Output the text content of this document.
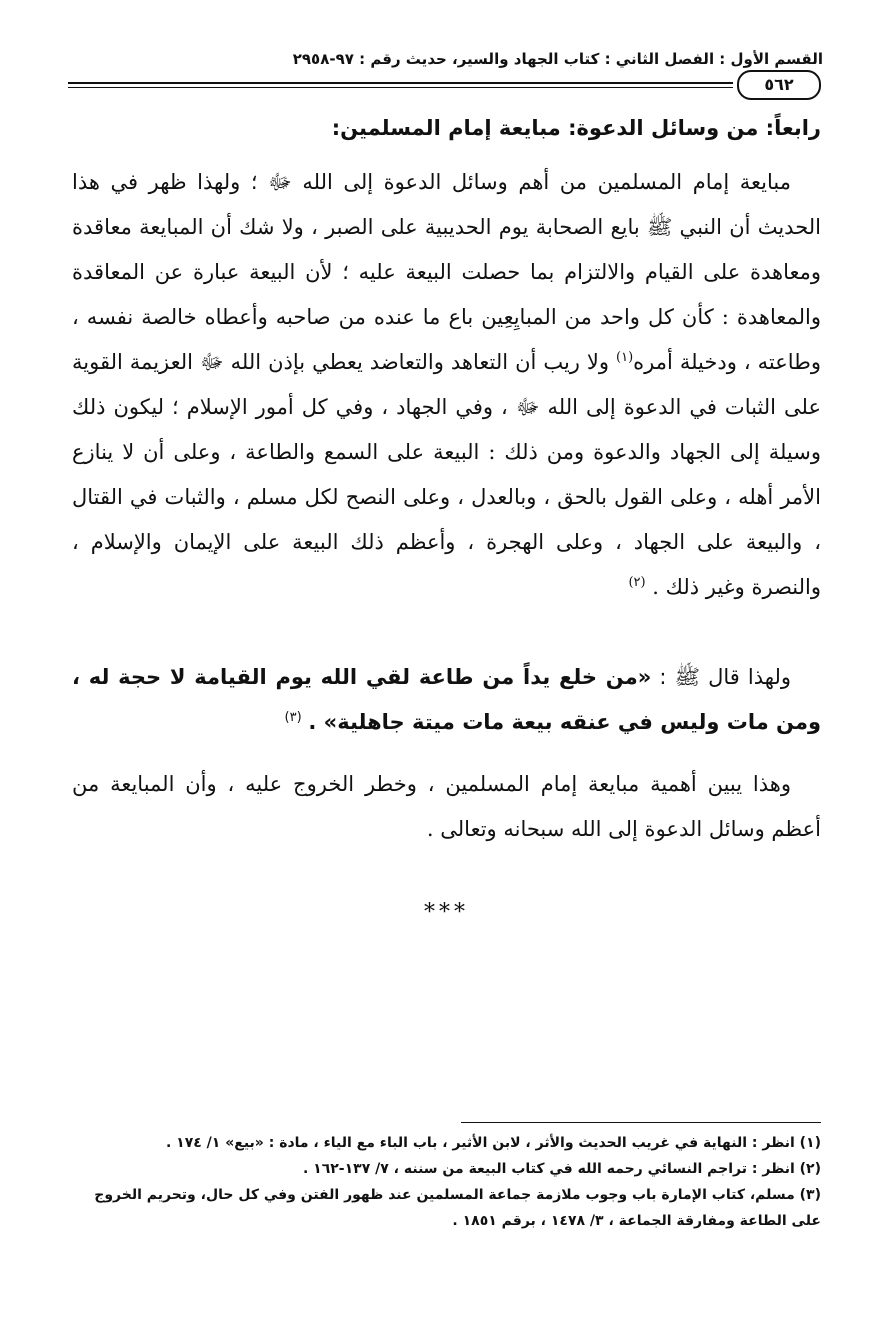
القسم الأول : الفصل الثاني : كتاب الجهاد والسير، حديث رقم : ٩٧-٢٩٥٨
٥٦٢
رابعاً: من وسائل الدعوة: مبايعة إمام المسلمين:

مبايعة إمام المسلمين من أهم وسائل الدعوة إلى الله ﷻ ؛ ولهذا ظهر في هذا الحديث أن النبي ﷺ بايع الصحابة يوم الحديبية على الصبر ، ولا شك أن المبايعة معاقدة ومعاهدة على القيام والالتزام بما حصلت البيعة عليه ؛ لأن البيعة عبارة عن المعاقدة والمعاهدة : كأن كل واحد من المبايِعِين باع ما عنده من صاحبه وأعطاه خالصة نفسه ، وطاعته ، ودخيلة أمره$^{(١)}$ ولا ريب أن التعاهد والتعاضد يعطي بإذن الله ﷻ العزيمة القوية على الثبات في الدعوة إلى الله ﷻ ، وفي الجهاد ، وفي كل أمور الإسلام ؛ ليكون ذلك وسيلة إلى الجهاد والدعوة ومن ذلك : البيعة على السمع والطاعة ، وعلى أن لا ينازع الأمر أهله ، وعلى القول بالحق ، وبالعدل ، وعلى النصح لكل مسلم ، والثبات في القتال ، والبيعة على الجهاد ، وعلى الهجرة ، وأعظم ذلك البيعة على الإيمان والإسلام ، والنصرة وغير ذلك . $^{(٢)}$

ولهذا قال ﷺ : «من خلع يداً من طاعة لقي الله يوم القيامة لا حجة له ، ومن مات وليس في عنقه بيعة مات ميتة جاهلية» . $^{(٣)}$

وهذا يبين أهمية مبايعة إمام المسلمين ، وخطر الخروج عليه ، وأن المبايعة من أعظم وسائل الدعوة إلى الله سبحانه وتعالى .

***
(١) انظر : النهاية في غريب الحديث والأثر ، لابن الأثير ، باب الباء مع الياء ، مادة : «بيع» ١/ ١٧٤ .
(٢) انظر : تراجم النسائي رحمه الله في كتاب البيعة من سننه ، ٧/ ١٣٧-١٦٢ .
(٣) مسلم، كتاب الإمارة باب وجوب ملازمة جماعة المسلمين عند ظهور الفتن وفي كل حال، وتحريم الخروج على الطاعة ومفارقة الجماعة ، ٣/ ١٤٧٨ ، برقم ١٨٥١ .
